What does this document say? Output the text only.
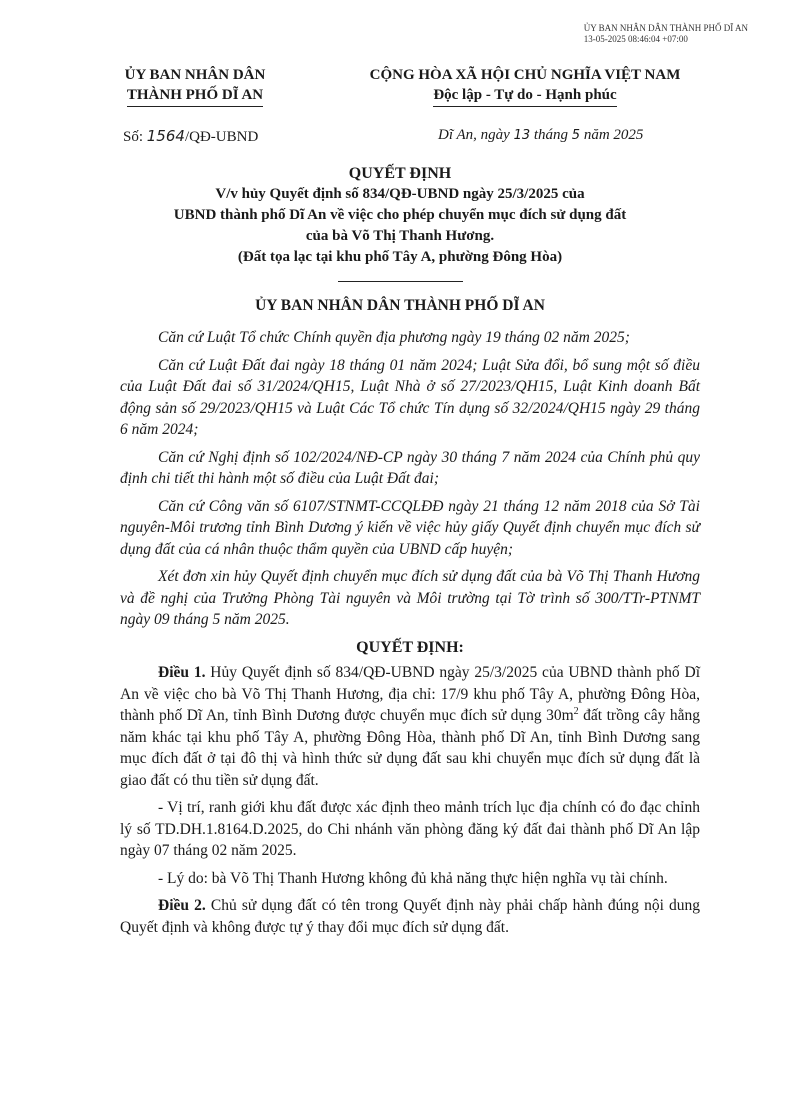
ỦY BAN NHÂN DÂN THÀNH PHỐ DĨ AN
13-05-2025 08:46:04 +07:00
ỦY BAN NHÂN DÂN
THÀNH PHỐ DĨ AN
CỘNG HÒA XÃ HỘI CHỦ NGHĨA VIỆT NAM
Độc lập - Tự do - Hạnh phúc
Số: 1564/QĐ-UBND	Dĩ An, ngày 13 tháng 5 năm 2025
QUYẾT ĐỊNH
V/v hủy Quyết định số 834/QĐ-UBND ngày 25/3/2025 của
UBND thành phố Dĩ An về việc cho phép chuyển mục đích sử dụng đất
của bà Võ Thị Thanh Hương.
(Đất tọa lạc tại khu phố Tây A, phường Đông Hòa)
ỦY BAN NHÂN DÂN THÀNH PHỐ DĨ AN

Căn cứ Luật Tổ chức Chính quyền địa phương ngày 19 tháng 02 năm 2025;

Căn cứ Luật Đất đai ngày 18 tháng 01 năm 2024; Luật Sửa đổi, bổ sung một số điều của Luật Đất đai số 31/2024/QH15, Luật Nhà ở số 27/2023/QH15, Luật Kinh doanh Bất động sản số 29/2023/QH15 và Luật Các Tổ chức Tín dụng số 32/2024/QH15 ngày 29 tháng 6 năm 2024;

Căn cứ Nghị định số 102/2024/NĐ-CP ngày 30 tháng 7 năm 2024 của Chính phủ quy định chi tiết thi hành một số điều của Luật Đất đai;

Căn cứ Công văn số 6107/STNMT-CCQLĐĐ ngày 21 tháng 12 năm 2018 của Sở Tài nguyên-Môi trương tỉnh Bình Dương ý kiến về việc hủy giấy Quyết định chuyển mục đích sử dụng đất của cá nhân thuộc thẩm quyền của UBND cấp huyện;

Xét đơn xin hủy Quyết định chuyển mục đích sử dụng đất của bà Võ Thị Thanh Hương và đề nghị của Trưởng Phòng Tài nguyên và Môi trường tại Tờ trình số 300/TTr-PTNMT ngày 09 tháng 5 năm 2025.

QUYẾT ĐỊNH:

Điều 1. Hủy Quyết định số 834/QĐ-UBND ngày 25/3/2025 của UBND thành phố Dĩ An về việc cho bà Võ Thị Thanh Hương, địa chỉ: 17/9 khu phố Tây A, phường Đông Hòa, thành phố Dĩ An, tỉnh Bình Dương được chuyển mục đích sử dụng $30m^2$ đất trồng cây hằng năm khác tại khu phố Tây A, phường Đông Hòa, thành phố Dĩ An, tỉnh Bình Dương sang mục đích đất ở tại đô thị và hình thức sử dụng đất sau khi chuyển mục đích sử dụng đất là giao đất có thu tiền sử dụng đất.

- Vị trí, ranh giới khu đất được xác định theo mảnh trích lục địa chính có đo đạc chỉnh lý số TD.DH.1.8164.D.2025, do Chi nhánh văn phòng đăng ký đất đai thành phố Dĩ An lập ngày 07 tháng 02 năm 2025.

- Lý do: bà Võ Thị Thanh Hương không đủ khả năng thực hiện nghĩa vụ tài chính.

Điều 2. Chủ sử dụng đất có tên trong Quyết định này phải chấp hành đúng nội dung Quyết định và không được tự ý thay đổi mục đích sử dụng đất.
